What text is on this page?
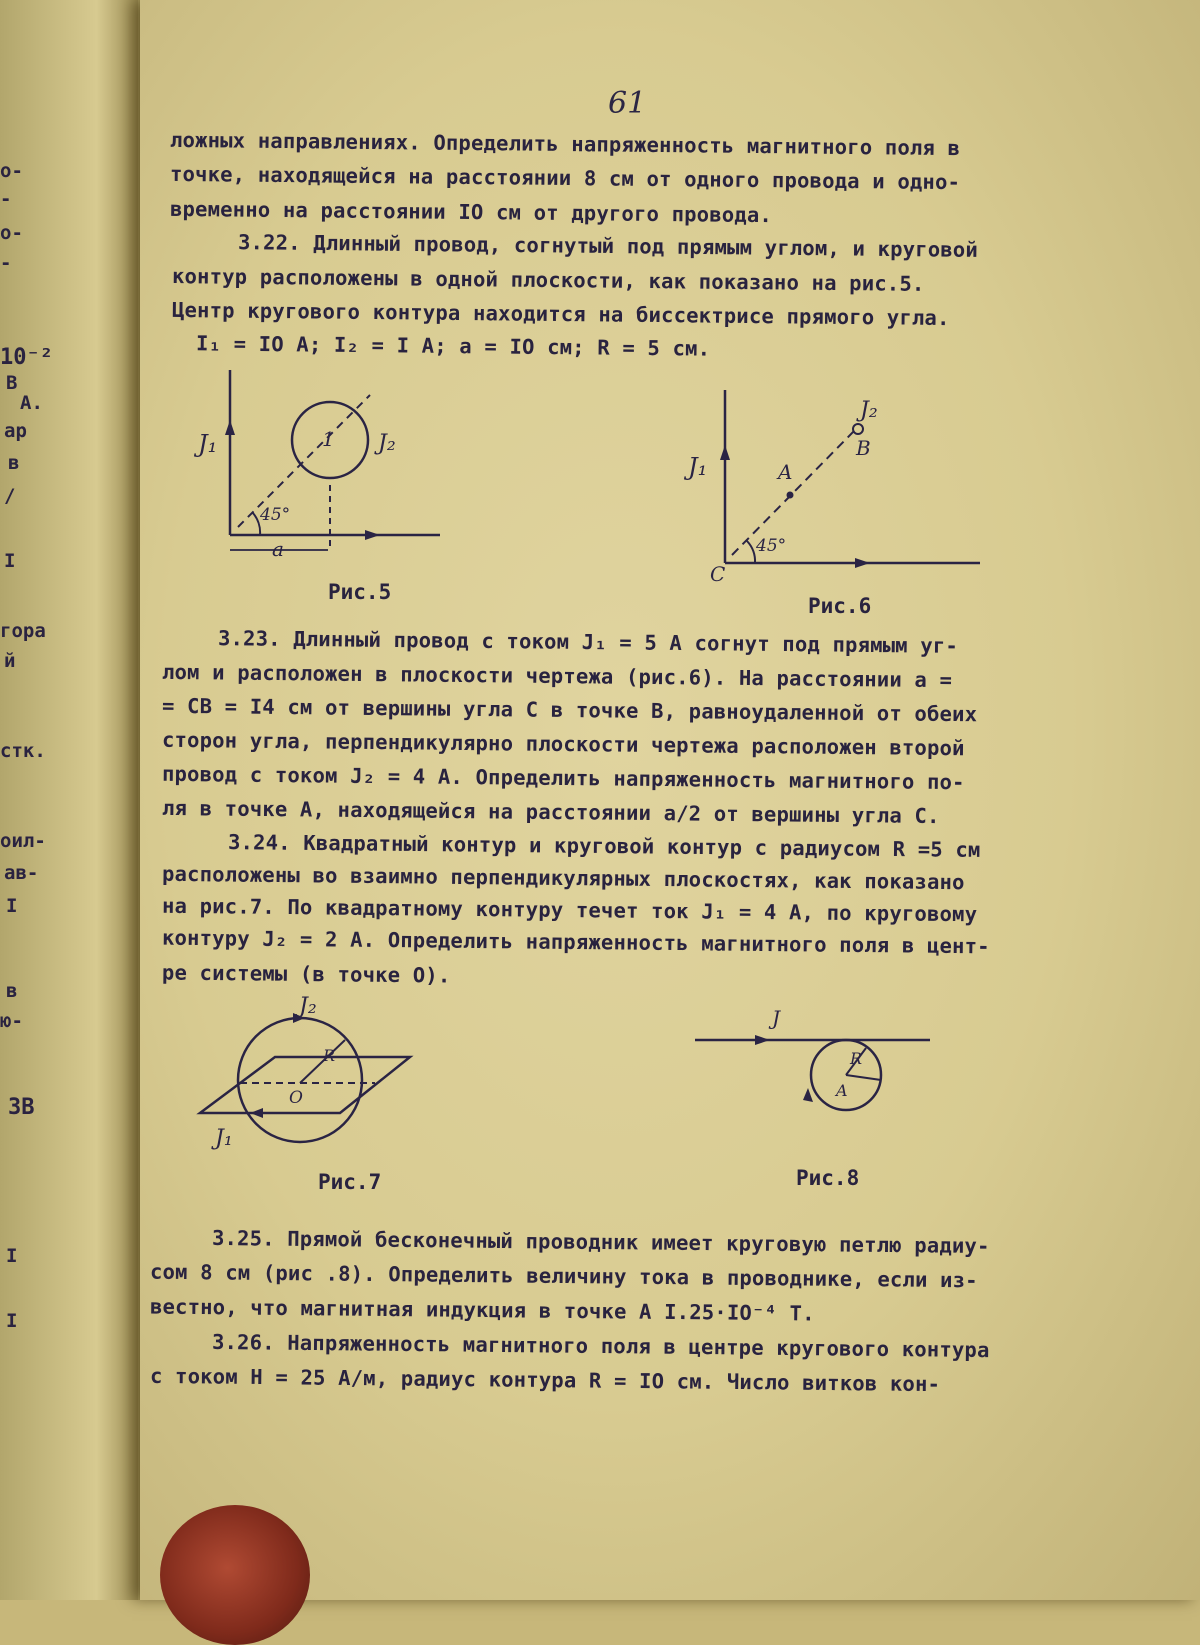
о-
-
о-
-
10⁻²
В
А.
ар
в
/
I
гора
й
стк.
оил-
ав-
I
в
ю-
ЗВ
I
I
61
ложных направлениях. Определить напряженность магнитного поля в
точке, находящейся на расстоянии 8 см от одного провода и одно-
временно на расстоянии IO см от другого провода.
3.22. Длинный провод, согнутый под прямым углом, и круговой
контур расположены в одной плоскости, как показано на рис.5.
Центр кругового контура находится на биссектрисе прямого угла.
I₁ = IO A; I₂ = I A; a = IO см; R = 5 см.
3.23. Длинный провод с током J₁ = 5 A согнут под прямым уг-
лом и расположен в плоскости чертежа (рис.6). На расстоянии a =
= CB = I4 см от вершины угла C в точке B, равноудаленной от обеих
сторон угла, перпендикулярно плоскости чертежа расположен второй
провод с током J₂ = 4 A. Определить напряженность магнитного по-
ля в точке A, находящейся на расстоянии a/2 от вершины угла C.
3.24. Квадратный контур и круговой контур с радиусом R =5 см
расположены во взаимно перпендикулярных плоскостях, как показано
на рис.7. По квадратному контуру течет ток J₁ = 4 A, по круговому
контуру J₂ = 2 A. Определить напряженность магнитного поля в цент-
ре системы (в точке O).
3.25. Прямой бесконечный проводник имеет круговую петлю радиу-
сом 8 см (рис .8). Определить величину тока в проводнике, если из-
вестно, что магнитная индукция в точке A I.25·IO⁻⁴ T.
3.26. Напряженность магнитного поля в центре кругового контура
с током H = 25 A/м, радиус контура R = IO см. Число витков кон-
45°
J₁	J₂
1
a
Рис.5
45°
J₁
J₂
A
B
C
Рис.6
J₂
J₁
R
O
Рис.7
J
R
A
Рис.8
